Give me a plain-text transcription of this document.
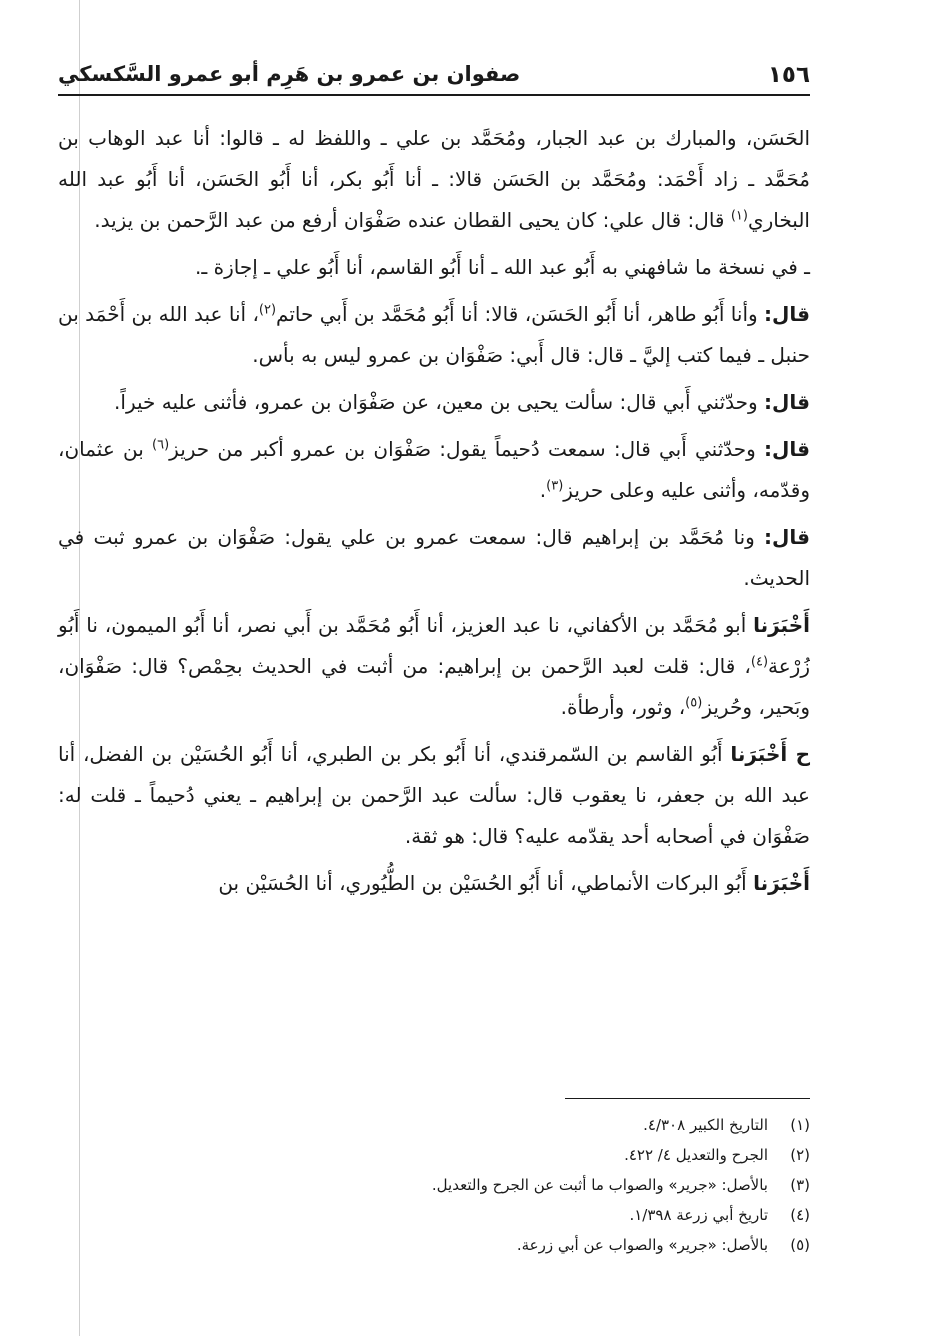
١٥٦
صفوان بن عمرو بن هَرِم أبو عمرو السَّكسكي

الحَسَن، والمبارك بن عبد الجبار، ومُحَمَّد بن علي ـ واللفظ له ـ قالوا: أنا عبد الوهاب بن مُحَمَّد ـ زاد أَحْمَد: ومُحَمَّد بن الحَسَن قالا: ـ أنا أَبُو بكر، أنا أَبُو الحَسَن، أنا أَبُو عبد الله البخاري$^{(١)}$ قال: قال علي: كان يحيى القطان عنده صَفْوَان أرفع من عبد الرَّحمن بن يزيد.

ـ في نسخة ما شافهني به أَبُو عبد الله ـ أنا أَبُو القاسم، أنا أَبُو علي ـ إجازة ـ.

قال: وأنا أَبُو طاهر، أنا أَبُو الحَسَن، قالا: أنا أَبُو مُحَمَّد بن أَبي حاتم$^{(٢)}$، أنا عبد الله بن أَحْمَد بن حنبل ـ فيما كتب إليَّ ـ قال: قال أَبي: صَفْوَان بن عمرو ليس به بأس.

قال: وحدّثني أَبي قال: سألت يحيى بن معين، عن صَفْوَان بن عمرو، فأثنى عليه خيراً.

قال: وحدّثني أَبي قال: سمعت دُحيماً يقول: صَفْوَان بن عمرو أكبر من حريز$^{(٦)}$ بن عثمان، وقدّمه، وأثنى عليه وعلى حريز$^{(٣)}$.

قال: ونا مُحَمَّد بن إبراهيم قال: سمعت عمرو بن علي يقول: صَفْوَان بن عمرو ثبت في الحديث.

أَخْبَرَنا أبو مُحَمَّد بن الأكفاني، نا عبد العزيز، أنا أَبُو مُحَمَّد بن أَبي نصر، أنا أَبُو الميمون، نا أَبُو زُرْعة$^{(٤)}$، قال: قلت لعبد الرَّحمن بن إبراهيم: من أثبت في الحديث بحِمْص؟ قال: صَفْوَان، وبَحير، وحُريز$^{(٥)}$، وثور، وأرطأة.

ح أَخْبَرَنا أَبُو القاسم بن السّمرقندي، أنا أَبُو بكر بن الطبري، أنا أَبُو الحُسَيْن بن الفضل، أنا عبد الله بن جعفر، نا يعقوب قال: سألت عبد الرَّحمن بن إبراهيم ـ يعني دُحيماً ـ قلت له: صَفْوَان في أصحابه أحد يقدّمه عليه؟ قال: هو ثقة.

أَخْبَرَنا أَبُو البركات الأنماطي، أنا أَبُو الحُسَيْن بن الطُّيُوري، أنا الحُسَيْن بن

(١)
التاريخ الكبير ٤/٣٠٨.
(٢)
الجرح والتعديل ٤/ ٤٢٢.
(٣)
بالأصل: «جرير» والصواب ما أثبت عن الجرح والتعديل.
(٤)
تاريخ أبي زرعة ١/٣٩٨.
(٥)
بالأصل: «جرير» والصواب عن أبي زرعة.
